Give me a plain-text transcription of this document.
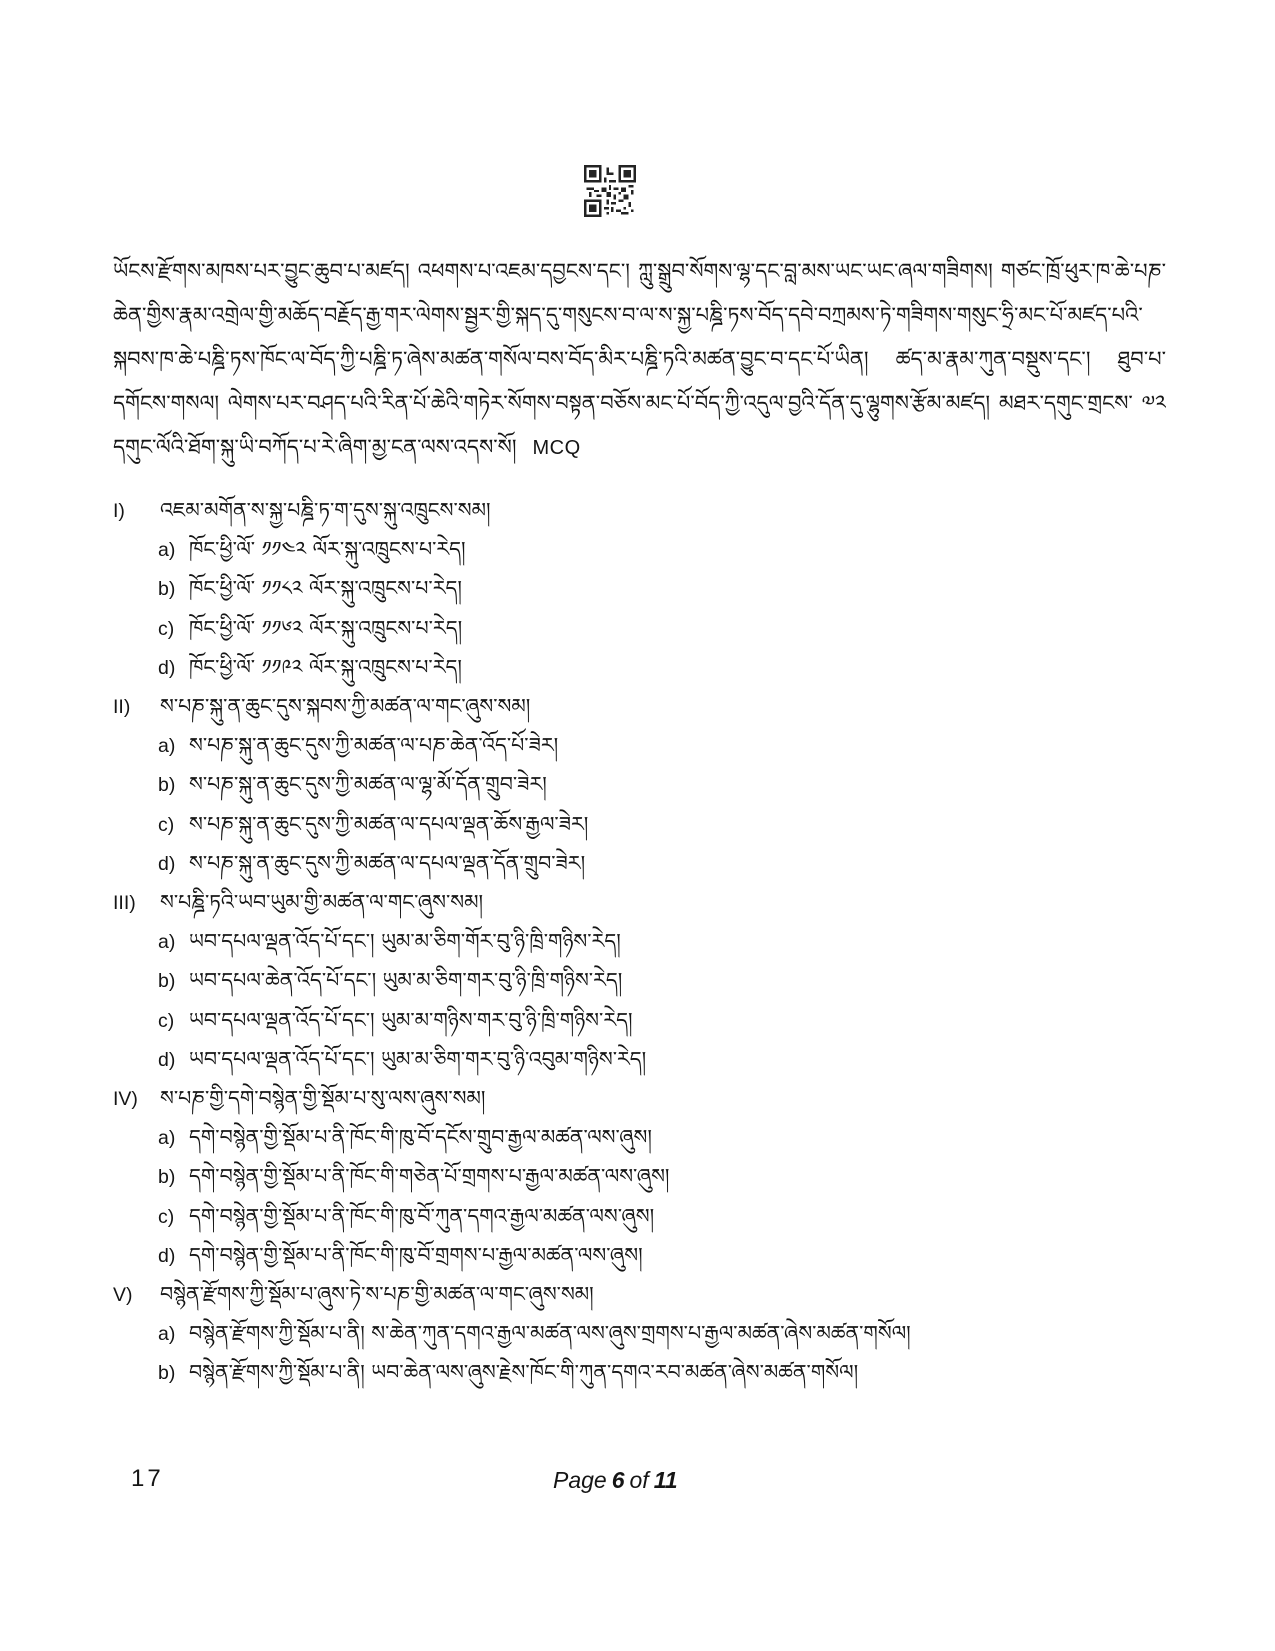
ཡོངས་རྫོགས་མཁས་པར་བྱུང་ཆུབ་པ་མཛད། འཕགས་པ་འཇམ་དབྱངས་དང་། ཀླུ་སྒྲུབ་སོགས་ལྷ་དང་བླ་མས་ཡང་ཡང་ཞལ་གཟིགས། གཙང་ཁྲོ་ཕུར་ཁ་ཆེ་པཎ་ཆེན་གྱིས་རྣམ་འགྲེལ་གྱི་མཆོད་བརྗོད་རྒྱ་གར་ལེགས་སྦྱར་གྱི་སྐད་དུ་གསུངས་བ་ལ་ས་སྐྱ་པཎྜི་ཏས་བོད་དབེ་བཀྲམས་ཏེ་གཟིགས་གསུང་ཧྲི་མང་པོ་མཛད་པའི་སྐབས་ཁ་ཆེ་པཎྜི་ཏས་ཁོང་ལ་བོད་ཀྱི་པཎྜི་ཏ་ཞེས་མཚན་གསོལ་བས་བོད་མིར་པཎྜི་ཏའི་མཚན་བྱུང་བ་དང་པོ་ཡིན། ཚད་མ་རྣམ་ཀུན་བསྡུས་དང་། ཐུབ་པ་དགོངས་གསལ། ལེགས་པར་བཤད་པའི་རིན་པོ་ཆེའི་གཏེར་སོགས་བསྟན་བཅོས་མང་པོ་བོད་ཀྱི་འདུལ་བྱའི་དོན་དུ་ལྷུགས་རྩོམ་མཛད། མཐར་དགུང་གྲངས་ ༧༢ དགུང་ལོའི་ཐོག་སྐུ་ཡི་བཀོད་པ་རེ་ཞིག་མྱ་ངན་ལས་འདས་སོ། MCQ

I)	འཇམ་མགོན་ས་སྐྱ་པཎྜི་ཏ་ག་དུས་སྐུ་འཁྲུངས་སམ།
a) ཁོང་ཕྱི་ལོ་ ༡༡༤༢ ལོར་སྐུ་འཁྲུངས་པ་རེད།
b) ཁོང་ཕྱི་ལོ་ ༡༡༨༢ ལོར་སྐུ་འཁྲུངས་པ་རེད།
c) ཁོང་ཕྱི་ལོ་ ༡༡༦༢ ལོར་སྐུ་འཁྲུངས་པ་རེད།
d) ཁོང་ཕྱི་ལོ་ ༡༡༩༢ ལོར་སྐུ་འཁྲུངས་པ་རེད།
II)	ས་པཎ་སྐུ་ན་ཆུང་དུས་སྐབས་ཀྱི་མཚན་ལ་གང་ཞུས་སམ།
a) ས་པཎ་སྐུ་ན་ཆུང་དུས་ཀྱི་མཚན་ལ་པཎ་ཆེན་འོད་པོ་ཟེར།
b) ས་པཎ་སྐུ་ན་ཆུང་དུས་ཀྱི་མཚན་ལ་ལྷ་མོ་དོན་གྲུབ་ཟེར།
c) ས་པཎ་སྐུ་ན་ཆུང་དུས་ཀྱི་མཚན་ལ་དཔལ་ལྡན་ཆོས་རྒྱལ་ཟེར།
d) ས་པཎ་སྐུ་ན་ཆུང་དུས་ཀྱི་མཚན་ལ་དཔལ་ལྡན་དོན་གྲུབ་ཟེར།
III)	ས་པཎྜི་ཏའི་ཡབ་ཡུམ་གྱི་མཚན་ལ་གང་ཞུས་སམ།
a) ཡབ་དཔལ་ལྡན་འོད་པོ་དང་། ཡུམ་མ་ཅིག་གོར་བུ་ཉི་ཁྲི་གཉིས་རེད།
b) ཡབ་དཔལ་ཆེན་འོད་པོ་དང་། ཡུམ་མ་ཅིག་གར་བུ་ཉི་ཁྲི་གཉིས་རེད།
c) ཡབ་དཔལ་ལྡན་འོད་པོ་དང་། ཡུམ་མ་གཉིས་གར་བུ་ཉི་ཁྲི་གཉིས་རེད།
d) ཡབ་དཔལ་ལྡན་འོད་པོ་དང་། ཡུམ་མ་ཅིག་གར་བུ་ཉི་འབུམ་གཉིས་རེད།
IV)	ས་པཎ་གྱི་དགེ་བསྙེན་གྱི་སྡོམ་པ་སུ་ལས་ཞུས་སམ།
a) དགེ་བསྙེན་གྱི་སྡོམ་པ་ནི་ཁོང་གི་ཁུ་བོ་དངོས་གྲུབ་རྒྱལ་མཚན་ལས་ཞུས།
b) དགེ་བསྙེན་གྱི་སྡོམ་པ་ནི་ཁོང་གི་གཅེན་པོ་གྲགས་པ་རྒྱལ་མཚན་ལས་ཞུས།
c) དགེ་བསྙེན་གྱི་སྡོམ་པ་ནི་ཁོང་གི་ཁུ་བོ་ཀུན་དགའ་རྒྱལ་མཚན་ལས་ཞུས།
d) དགེ་བསྙེན་གྱི་སྡོམ་པ་ནི་ཁོང་གི་ཁུ་བོ་གྲགས་པ་རྒྱལ་མཚན་ལས་ཞུས།
V)	བསྙེན་རྫོགས་ཀྱི་སྡོམ་པ་ཞུས་ཏེ་ས་པཎ་གྱི་མཚན་ལ་གང་ཞུས་སམ།
a) བསྙེན་རྫོགས་ཀྱི་སྡོམ་པ་ནི། ས་ཆེན་ཀུན་དགའ་རྒྱལ་མཚན་ལས་ཞུས་གྲགས་པ་རྒྱལ་མཚན་ཞེས་མཚན་གསོལ།
b) བསྙེན་རྫོགས་ཀྱི་སྡོམ་པ་ནི། ཡབ་ཆེན་ལས་ཞུས་རྗེས་ཁོང་གི་ཀུན་དགའ་རབ་མཚན་ཞེས་མཚན་གསོལ།
17	Page 6 of 11
